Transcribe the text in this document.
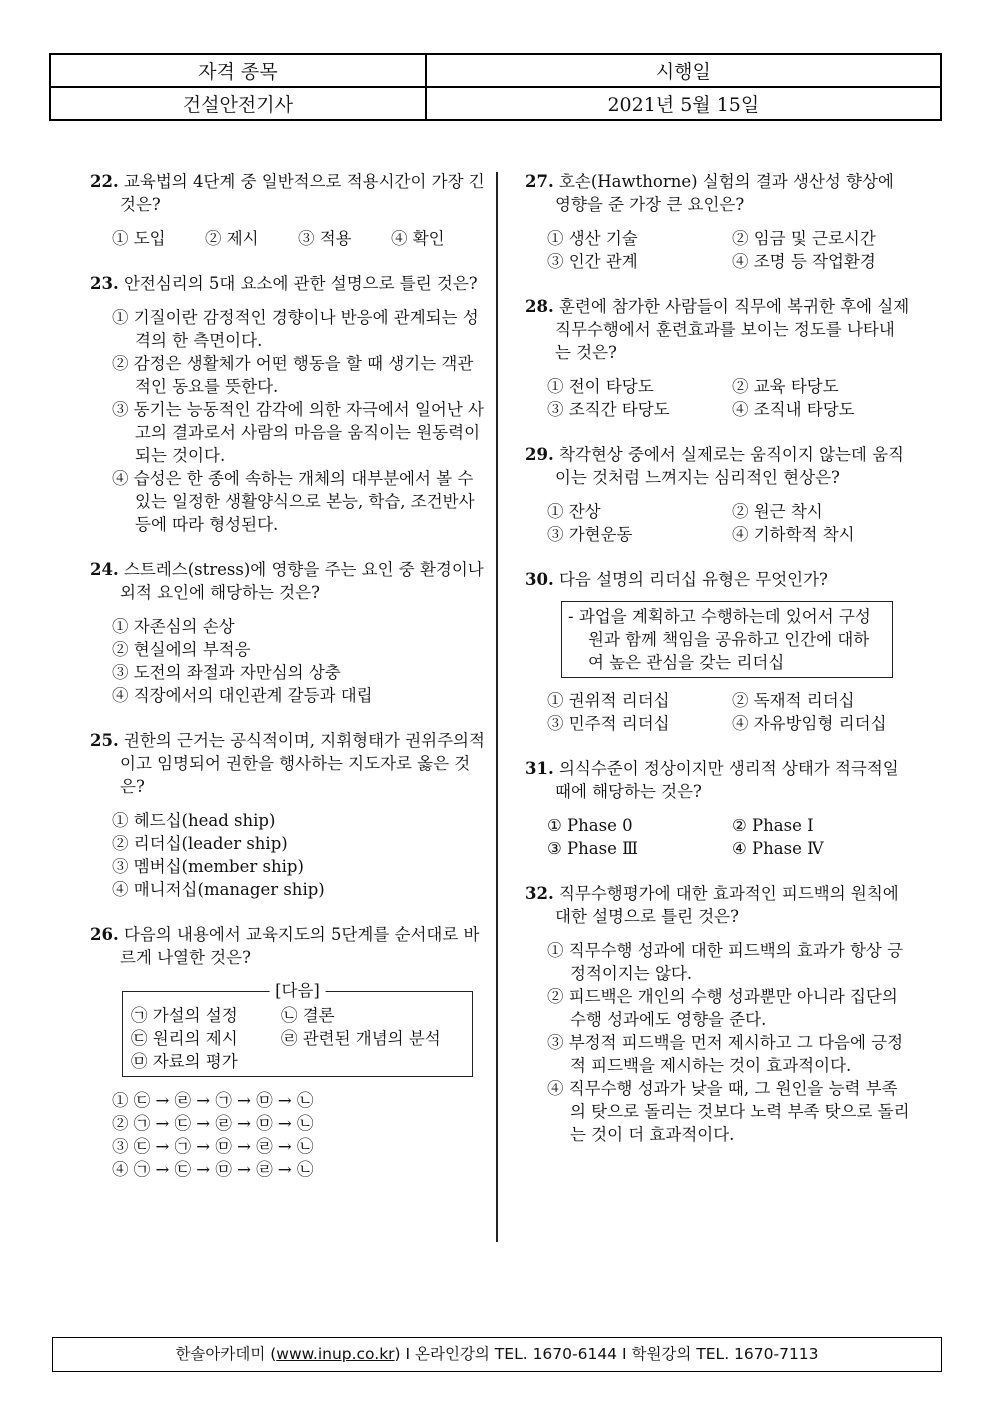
자격 종목	시행일
건설안전기사	2021년 5월 15일
22. 교육법의 4단계 중 일반적으로 적용시간이 가장 긴 것은?
① 도입	② 제시	③ 적용	④ 확인
23. 안전심리의 5대 요소에 관한 설명으로 틀린 것은?
① 기질이란 감정적인 경향이나 반응에 관계되는 성격의 한 측면이다.
② 감정은 생활체가 어떤 행동을 할 때 생기는 객관적인 동요를 뜻한다.
③ 동기는 능동적인 감각에 의한 자극에서 일어난 사고의 결과로서 사람의 마음을 움직이는 원동력이 되는 것이다.
④ 습성은 한 종에 속하는 개체의 대부분에서 볼 수 있는 일정한 생활양식으로 본능, 학습, 조건반사 등에 따라 형성된다.
24. 스트레스(stress)에 영향을 주는 요인 중 환경이나 외적 요인에 해당하는 것은?
① 자존심의 손상
② 현실에의 부적응
③ 도전의 좌절과 자만심의 상충
④ 직장에서의 대인관계 갈등과 대립
25. 권한의 근거는 공식적이며, 지휘형태가 권위주의적이고 임명되어 권한을 행사하는 지도자로 옳은 것은?
① 헤드십(head ship)
② 리더십(leader ship)
③ 멤버십(member ship)
④ 매니저십(manager ship)
26. 다음의 내용에서 교육지도의 5단계를 순서대로 바르게 나열한 것은?
[다음]
㉠ 가설의 설정	㉡ 결론
㉢ 원리의 제시	㉣ 관련된 개념의 분석
㉤ 자료의 평가
① ㉢ → ㉣ → ㉠ → ㉤ → ㉡
② ㉠ → ㉢ → ㉣ → ㉤ → ㉡
③ ㉢ → ㉠ → ㉤ → ㉣ → ㉡
④ ㉠ → ㉢ → ㉤ → ㉣ → ㉡
27. 호손(Hawthorne) 실험의 결과 생산성 향상에 영향을 준 가장 큰 요인은?
① 생산 기술	② 임금 및 근로시간
③ 인간 관계	④ 조명 등 작업환경
28. 훈련에 참가한 사람들이 직무에 복귀한 후에 실제 직무수행에서 훈련효과를 보이는 정도를 나타내는 것은?
① 전이 타당도	② 교육 타당도
③ 조직간 타당도	④ 조직내 타당도
29. 착각현상 중에서 실제로는 움직이지 않는데 움직이는 것처럼 느껴지는 심리적인 현상은?
① 잔상	② 원근 착시
③ 가현운동	④ 기하학적 착시
30. 다음 설명의 리더십 유형은 무엇인가?
- 과업을 계획하고 수행하는데 있어서 구성원과 함께 책임을 공유하고 인간에 대하여 높은 관심을 갖는 리더십
① 권위적 리더십	② 독재적 리더십
③ 민주적 리더십	④ 자유방임형 리더십
31. 의식수준이 정상이지만 생리적 상태가 적극적일 때에 해당하는 것은?
① Phase 0	② Phase Ⅰ
③ Phase Ⅲ	④ Phase Ⅳ
32. 직무수행평가에 대한 효과적인 피드백의 원칙에 대한 설명으로 틀린 것은?
① 직무수행 성과에 대한 피드백의 효과가 항상 긍정적이지는 않다.
② 피드백은 개인의 수행 성과뿐만 아니라 집단의 수행 성과에도 영향을 준다.
③ 부정적 피드백을 먼저 제시하고 그 다음에 긍정적 피드백을 제시하는 것이 효과적이다.
④ 직무수행 성과가 낮을 때, 그 원인을 능력 부족의 탓으로 돌리는 것보다 노력 부족 탓으로 돌리는 것이 더 효과적이다.
한솔아카데미 (www.inup.co.kr) Ι 온라인강의 TEL. 1670-6144 Ι 학원강의 TEL. 1670-7113
